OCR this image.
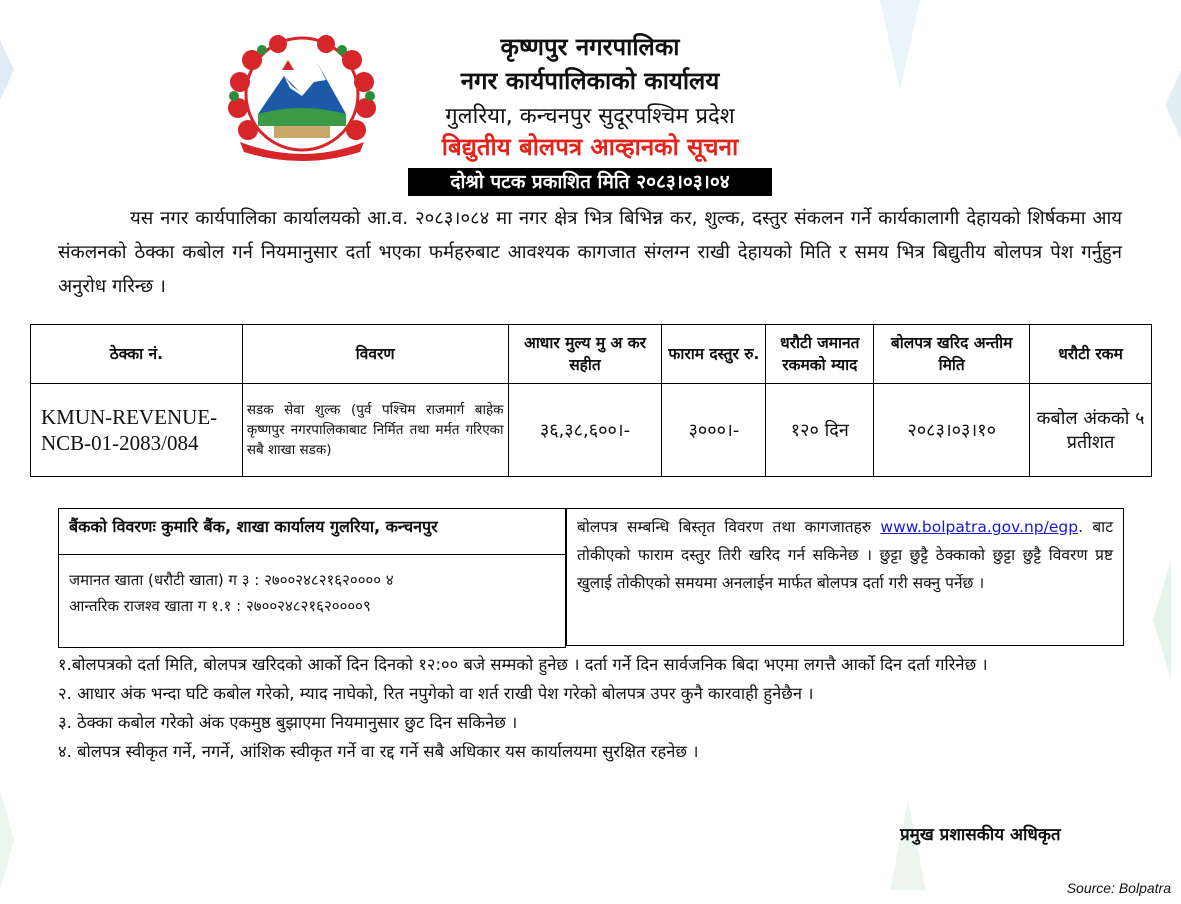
कृष्णपुर नगरपालिका
नगर कार्यपालिकाको कार्यालय
गुलरिया, कन्चनपुर सुदूरपश्चिम प्रदेश
बिद्युतीय बोलपत्र आव्हानको सूचना
दोश्रो पटक प्रकाशित मिति २०८३।०३।०४
यस नगर कार्यपालिका कार्यालयको आ.व. २०८३।०८४ मा नगर क्षेत्र भित्र बिभिन्न कर, शुल्क, दस्तुर संकलन गर्ने कार्यकालागी देहायको शिर्षकमा आय संकलनको ठेक्का कबोल गर्न नियमानुसार दर्ता भएका फर्महरुबाट आवश्यक कागजात संग्लग्न राखी देहायको मिति र समय भित्र बिद्युतीय बोलपत्र पेश गर्नुहुन अनुरोध गरिन्छ ।
ठेक्का नं.	विवरण	आधार मुल्य मु अ कर सहीत	फाराम दस्तुर रु.	धरौटी जमानत रकमको म्याद	बोलपत्र खरिद अन्तीम मिति	धरौटी रकम
KMUN-REVENUE-NCB-01-2083/084	सडक सेवा शुल्क (पुर्व पश्चिम राजमार्ग बाहेक कृष्णपुर नगरपालिकाबाट निर्मित तथा मर्मत गरिएका सबै शाखा सडक)	३६,३८,६००।-	३०००।-	१२० दिन	२०८३।०३।१०	कबोल अंकको ५ प्रतीशत
बैंकको विवरणः कुमारि बैंक, शाखा कार्यालय गुलरिया, कन्चनपुर
जमानत खाता (धरौटी खाता) ग ३ : २७००२४८२१६२०००० ४
आन्तरिक राजश्व खाता ग १.१ : २७००२४८२१६२००००९
बोलपत्र सम्बन्धि बिस्तृत विवरण तथा कागजातहरु www.bolpatra.gov.np/egp. बाट तोकीएको फाराम दस्तुर तिरी खरिद गर्न सकिनेछ । छुट्टा छुट्टै ठेक्काको छुट्टा छुट्टै विवरण प्रष्ट खुलाई तोकीएको समयमा अनलाईन मार्फत बोलपत्र दर्ता गरी सक्नु पर्नेछ ।

१.बोलपत्रको दर्ता मिति, बोलपत्र खरिदको आर्को दिन दिनको १२:०० बजे सम्मको हुनेछ । दर्ता गर्ने दिन सार्वजनिक बिदा भएमा लगत्तै आर्को दिन दर्ता गरिनेछ ।

२. आधार अंक भन्दा घटि कबोल गरेको, म्याद नाघेको, रित नपुगेको वा शर्त राखी पेश गरेको बोलपत्र उपर कुनै कारवाही हुनेछैन ।

३. ठेक्का कबोल गरेको अंक एकमुष्ठ बुझाएमा नियमानुसार छुट दिन सकिनेछ ।

४. बोलपत्र स्वीकृत गर्ने, नगर्ने, आंशिक स्वीकृत गर्ने वा रद्द गर्ने सबै अधिकार यस कार्यालयमा सुरक्षित रहनेछ ।

प्रमुख प्रशासकीय अधिकृत
Source: Bolpatra
